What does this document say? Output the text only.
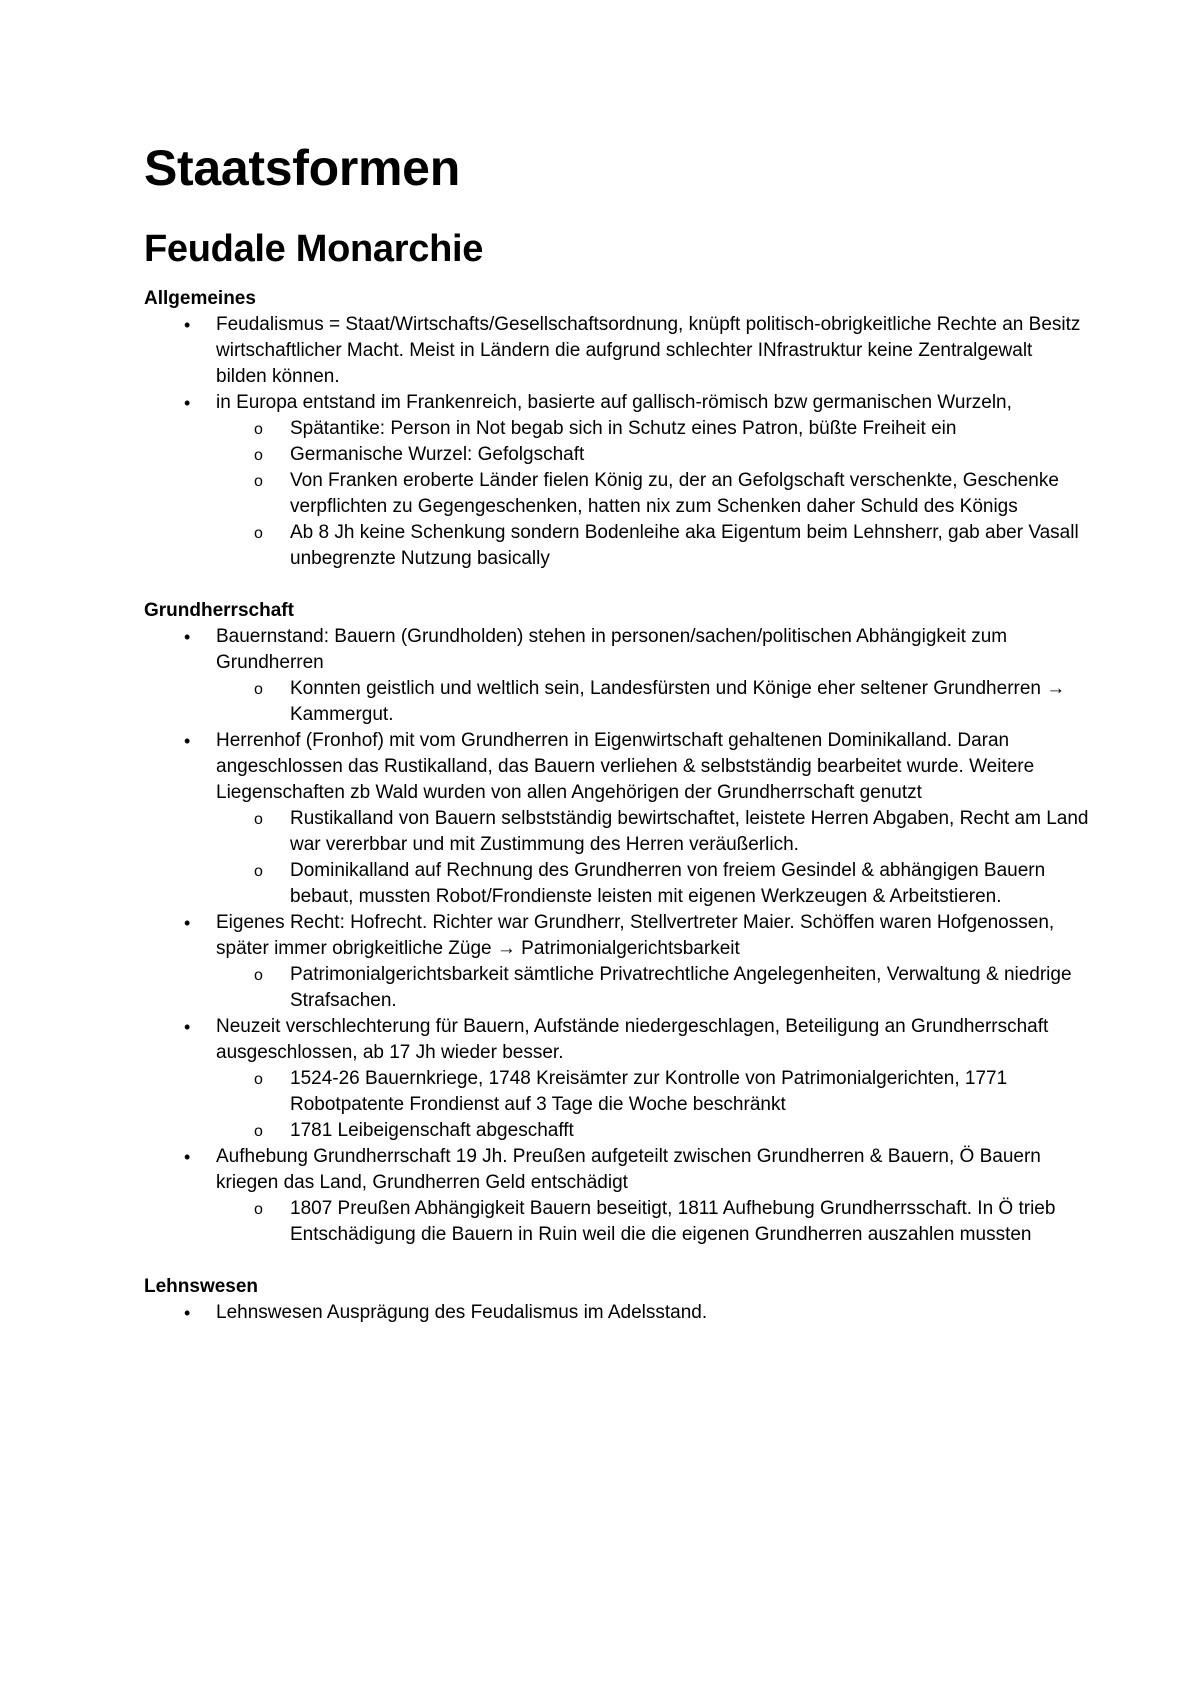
Staatsformen
Feudale Monarchie
Allgemeines
•	Feudalismus = Staat/Wirtschafts/Gesellschaftsordnung, knüpft politisch-obrigkeitliche Rechte an Besitz wirtschaftlicher Macht. Meist in Ländern die aufgrund schlechter INfrastruktur keine Zentralgewalt bilden können.
•	in Europa entstand im Frankenreich, basierte auf gallisch-römisch bzw germanischen Wurzeln,
o	Spätantike: Person in Not begab sich in Schutz eines Patron, büßte Freiheit ein
o	Germanische Wurzel: Gefolgschaft
o	Von Franken eroberte Länder fielen König zu, der an Gefolgschaft verschenkte, Geschenke verpflichten zu Gegengeschenken, hatten nix zum Schenken daher Schuld des Königs
o	Ab 8 Jh keine Schenkung sondern Bodenleihe aka Eigentum beim Lehnsherr, gab aber Vasall unbegrenzte Nutzung basically
Grundherrschaft
•	Bauernstand: Bauern (Grundholden) stehen in personen/sachen/politischen Abhängigkeit zum Grundherren
o	Konnten geistlich und weltlich sein, Landesfürsten und Könige eher seltener Grundherren → Kammergut.
•	Herrenhof (Fronhof) mit vom Grundherren in Eigenwirtschaft gehaltenen Dominikalland. Daran angeschlossen das Rustikalland, das Bauern verliehen & selbstständig bearbeitet wurde. Weitere Liegenschaften zb Wald wurden von allen Angehörigen der Grundherrschaft genutzt
o	Rustikalland von Bauern selbstständig bewirtschaftet, leistete Herren Abgaben, Recht am Land war vererbbar und mit Zustimmung des Herren veräußerlich.
o	Dominikalland auf Rechnung des Grundherren von freiem Gesindel & abhängigen Bauern bebaut, mussten Robot/Frondienste leisten mit eigenen Werkzeugen & Arbeitstieren.
•	Eigenes Recht: Hofrecht. Richter war Grundherr, Stellvertreter Maier. Schöffen waren Hofgenossen, später immer obrigkeitliche Züge → Patrimonialgerichtsbarkeit
o	Patrimonialgerichtsbarkeit sämtliche Privatrechtliche Angelegenheiten, Verwaltung & niedrige Strafsachen.
•	Neuzeit verschlechterung für Bauern, Aufstände niedergeschlagen, Beteiligung an Grundherrschaft ausgeschlossen, ab 17 Jh wieder besser.
o	1524-26 Bauernkriege, 1748 Kreisämter zur Kontrolle von Patrimonialgerichten, 1771 Robotpatente Frondienst auf 3 Tage die Woche beschränkt
o	1781 Leibeigenschaft abgeschafft
•	Aufhebung Grundherrschaft 19 Jh. Preußen aufgeteilt zwischen Grundherren & Bauern, Ö Bauern kriegen das Land, Grundherren Geld entschädigt
o	1807 Preußen Abhängigkeit Bauern beseitigt, 1811 Aufhebung Grundherrsschaft. In Ö trieb Entschädigung die Bauern in Ruin weil die die eigenen Grundherren auszahlen mussten
Lehnswesen
•	Lehnswesen Ausprägung des Feudalismus im Adelsstand.
